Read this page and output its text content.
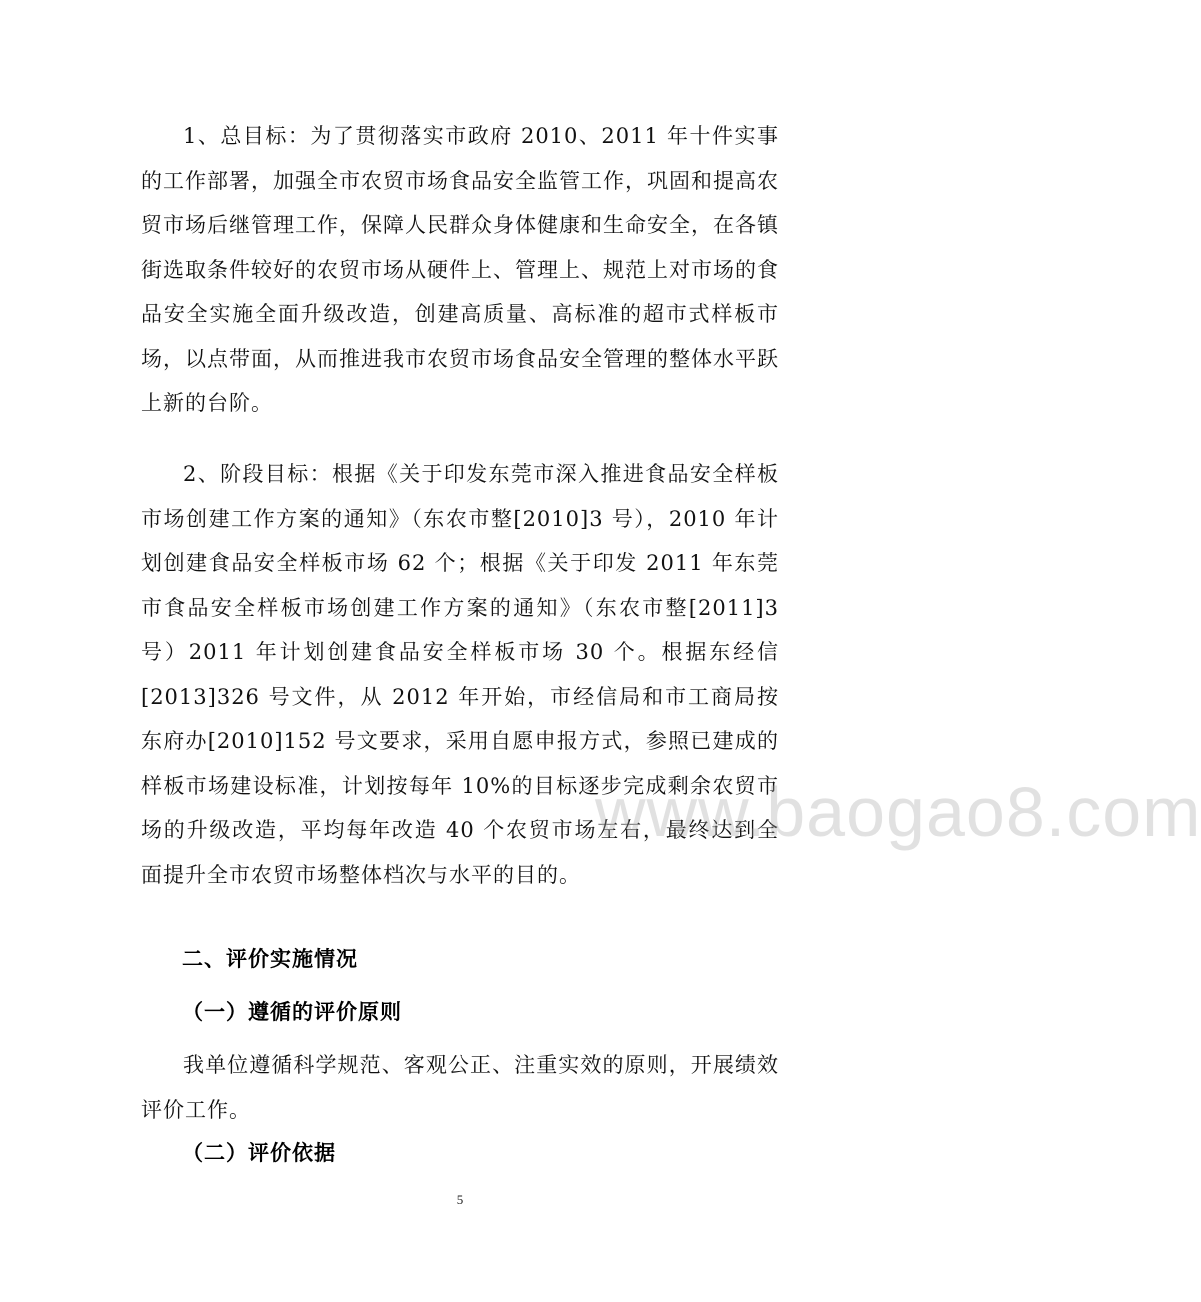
1、总目标：为了贯彻落实市政府 2010、2011 年十件实事的工作部署，加强全市农贸市场食品安全监管工作，巩固和提高农贸市场后继管理工作，保障人民群众身体健康和生命安全，在各镇街选取条件较好的农贸市场从硬件上、管理上、规范上对市场的食品安全实施全面升级改造，创建高质量、高标准的超市式样板市场，以点带面，从而推进我市农贸市场食品安全管理的整体水平跃上新的台阶。

2、阶段目标：根据《关于印发东莞市深入推进食品安全样板市场创建工作方案的通知》（东农市整[2010]3 号），2010 年计划创建食品安全样板市场 62 个；根据《关于印发 2011 年东莞市食品安全样板市场创建工作方案的通知》（东农市整[2011]3 号）2011 年计划创建食品安全样板市场 30 个。根据东经信[2013]326 号文件，从 2012 年开始，市经信局和市工商局按东府办[2010]152 号文要求，采用自愿申报方式，参照已建成的样板市场建设标准，计划按每年 10%的目标逐步完成剩余农贸市场的升级改造，平均每年改造 40 个农贸市场左右，最终达到全面提升全市农贸市场整体档次与水平的目的。

www.baogao8.com
二、评价实施情况
（一）遵循的评价原则

我单位遵循科学规范、客观公正、注重实效的原则，开展绩效评价工作。

（二）评价依据
5
